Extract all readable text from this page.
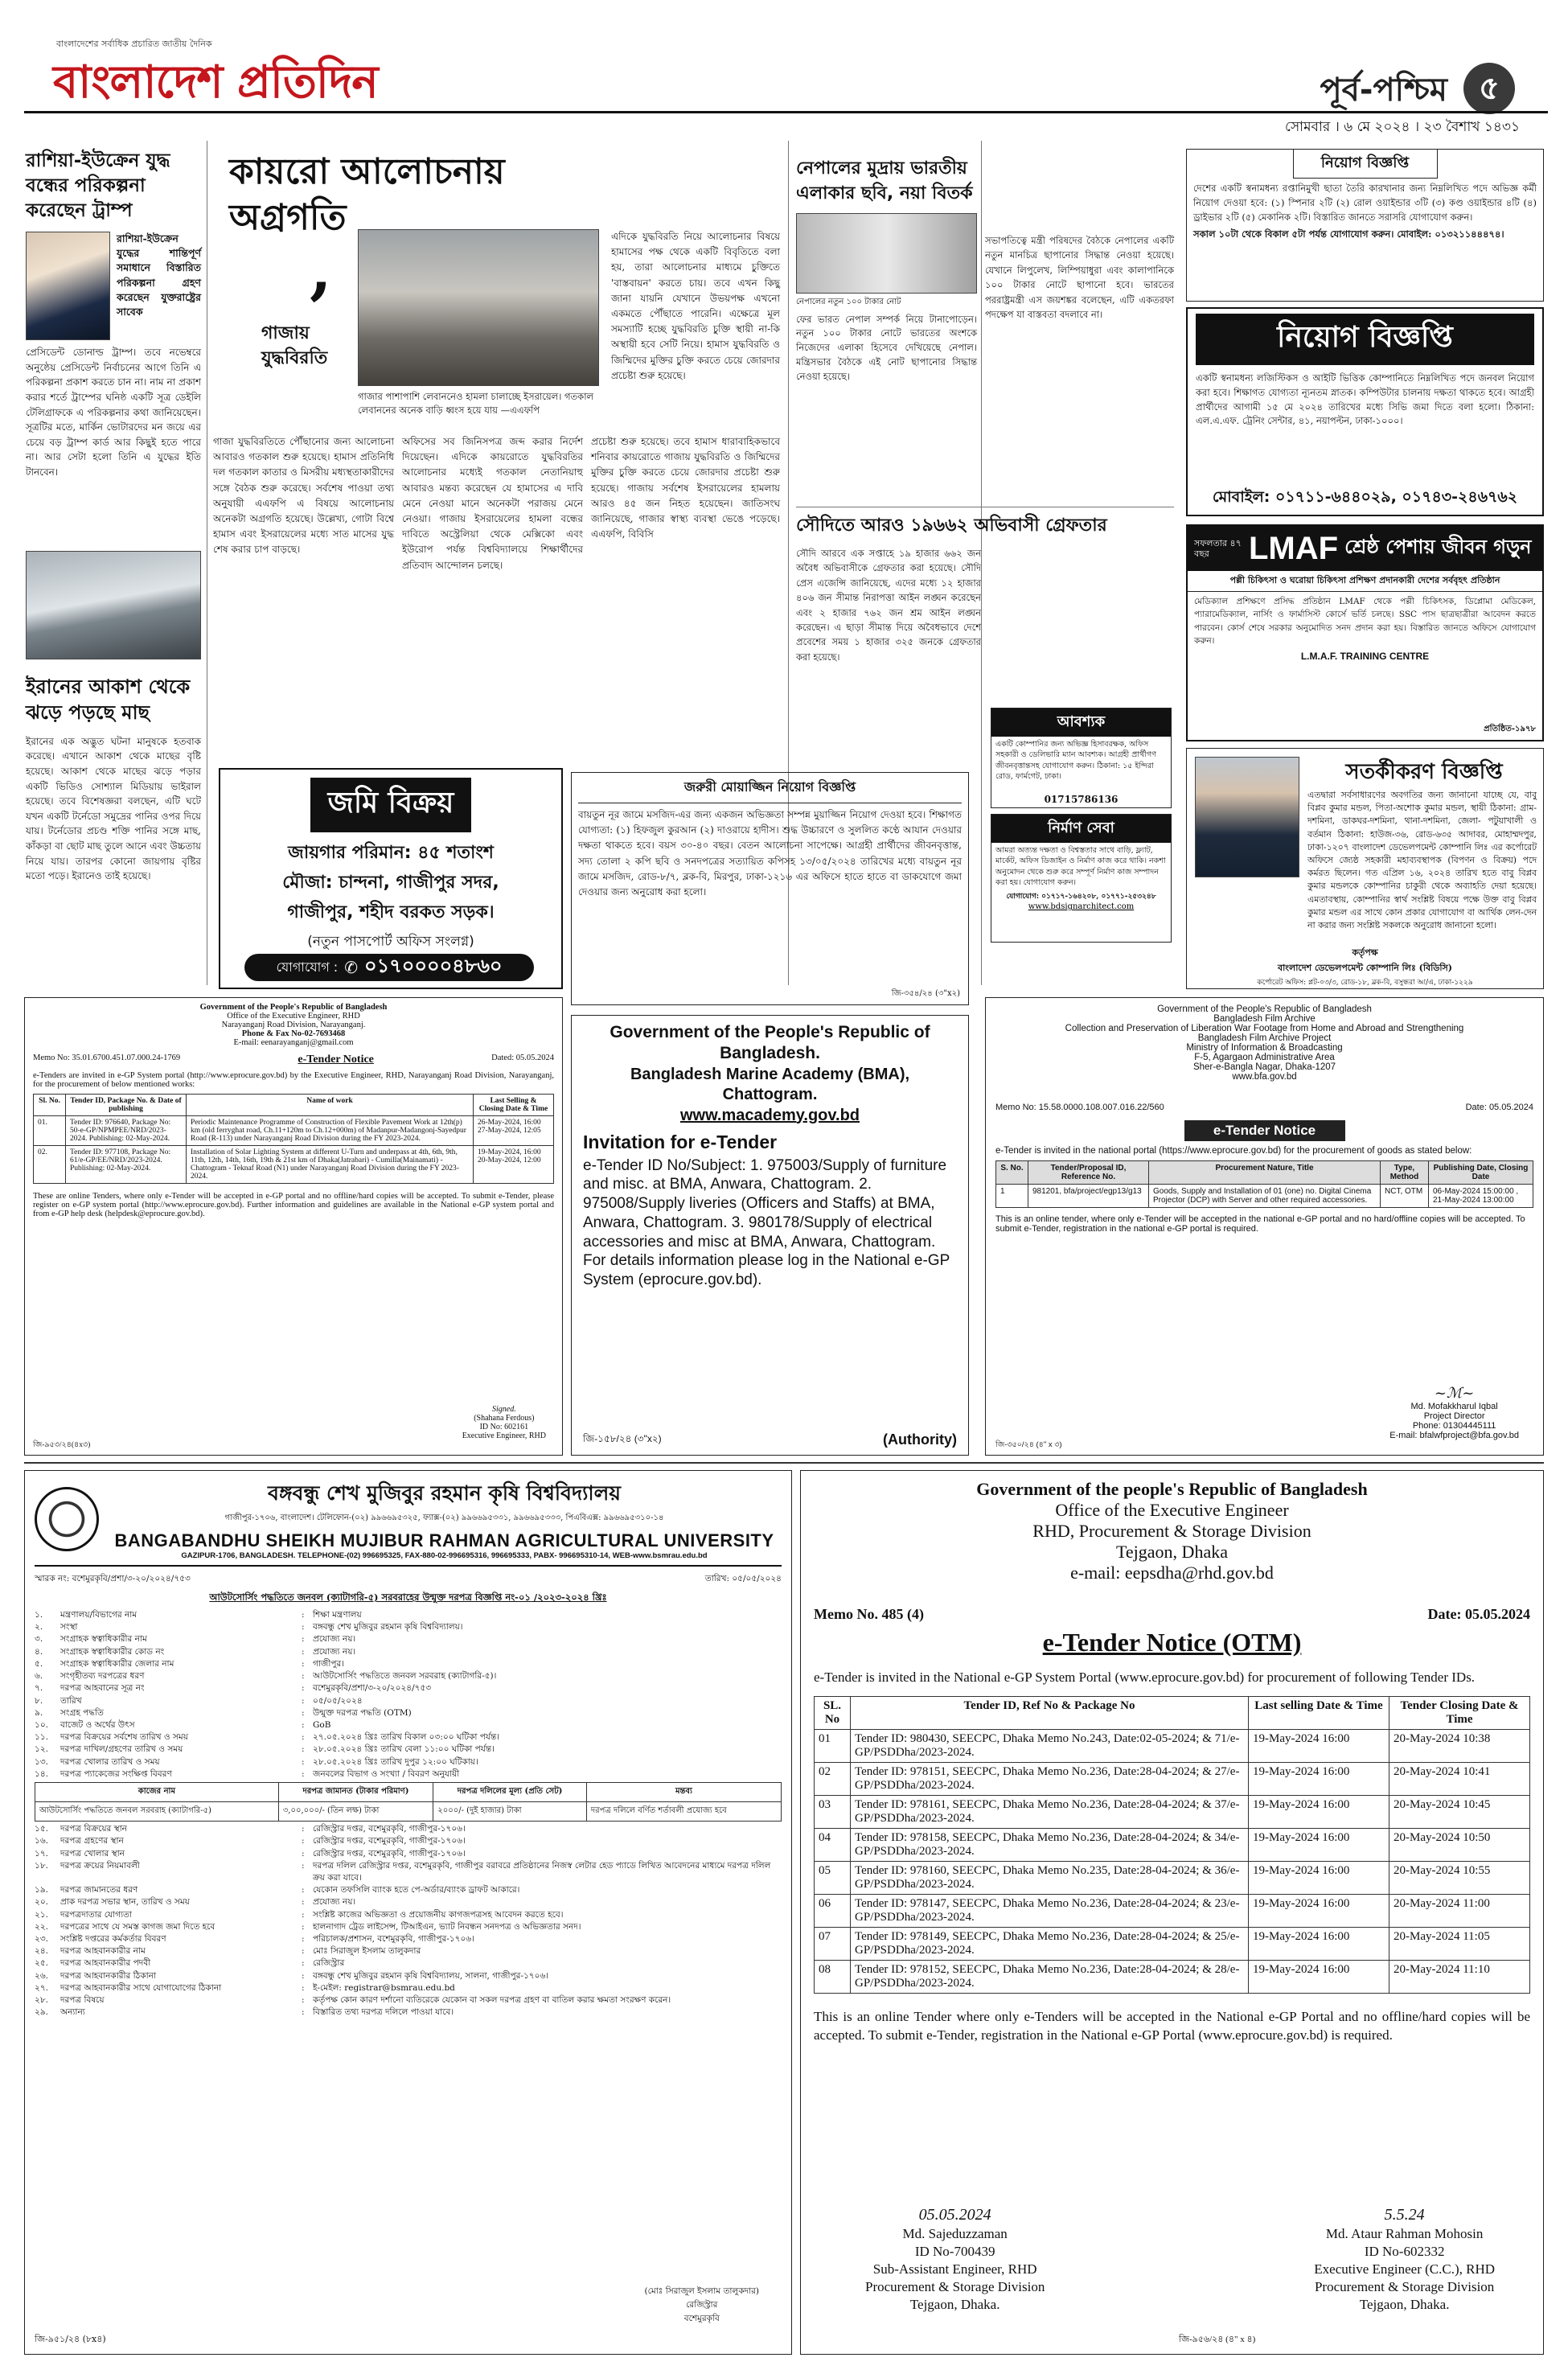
বাংলাদেশের সর্বাধিক প্রচারিত জাতীয় দৈনিক
বাংলাদেশ প্রতিদিন	পূর্ব-পশ্চিম ৫
সোমবার । ৬ মে ২০২৪ । ২৩ বৈশাখ ১৪৩১
রাশিয়া-ইউক্রেন যুদ্ধ বন্ধের পরিকল্পনা করেছেন ট্রাম্প
রাশিয়া-ইউক্রেন যুদ্ধের শান্তিপূর্ণ সমাধানে বিস্তারিত পরিকল্পনা গ্রহণ করেছেন যুক্তরাষ্ট্রের সাবেক
প্রেসিডেন্ট ডোনাল্ড ট্রাম্প। তবে নভেম্বরে অনুষ্ঠেয় প্রেসিডেন্ট নির্বাচনের আগে তিনি এ পরিকল্পনা প্রকাশ করতে চান না। নাম না প্রকাশ করার শর্তে ট্রাম্পের ঘনিষ্ঠ একটি সূত্র ডেইলি টেলিগ্রাফকে এ পরিকল্পনার কথা জানিয়েছেন। সূত্রটির মতে, মার্কিন ভোটারদের মন জয়ে এর চেয়ে বড় ট্রাম্প কার্ড আর কিছুই হতে পারে না। আর সেটা হলো তিনি এ যুদ্ধের ইতি টানবেন।
ইরানের আকাশ থেকে ঝড়ে পড়ছে মাছ
ইরানের এক অদ্ভুত ঘটনা মানুষকে হতবাক করেছে। এখানে আকাশ থেকে মাছের বৃষ্টি হয়েছে। আকাশ থেকে মাছের ঝড়ে পড়ার একটি ভিডিও সোশ্যাল মিডিয়ায় ভাইরাল হয়েছে। তবে বিশেষজ্ঞরা বলছেন, এটি ঘটে যখন একটি টর্নেডো সমুদ্রের পানির ওপর দিয়ে যায়। টর্নেডোর প্রচণ্ড শক্তি পানির সঙ্গে মাছ, কাঁকড়া বা ছোট মাছ তুলে আনে এবং উচ্চতায় নিয়ে যায়। তারপর কোনো জায়গায় বৃষ্টির মতো পড়ে। ইরানেও তাই হয়েছে।
কায়রো আলোচনায় অগ্রগতি
,
গাজায় যুদ্ধবিরতি
গাজার পাশাপাশি লেবাননেও হামলা চালাচ্ছে ইসরায়েল। গতকাল লেবাননের অনেক বাড়ি ধ্বংস হয়ে যায় —এএফপি
এদিকে যুদ্ধবিরতি নিয়ে আলোচনার বিষয়ে হামাসের পক্ষ থেকে একটি বিবৃতিতে বলা হয়, তারা আলোচনার মাধ্যমে চুক্তিতে 'বাস্তবায়ন' করতে চায়। তবে এখন কিছু জানা যায়নি যেখানে উভয়পক্ষ এখনো একমতে পৌঁছাতে পারেনি। এক্ষেত্রে মূল সমস্যাটি হচ্ছে যুদ্ধবিরতি চুক্তি স্থায়ী না-কি অস্থায়ী হবে সেটি নিয়ে। হামাস যুদ্ধবিরতি ও জিম্মিদের মুক্তির চুক্তি করতে চেয়ে জোরদার প্রচেষ্টা শুরু হয়েছে।
গাজা যুদ্ধবিরতিতে পৌঁছানোর জন্য আলোচনা আবারও গতকাল শুরু হয়েছে। হামাস প্রতিনিধি দল গতকাল কাতার ও মিসরীয় মধ্যস্থতাকারীদের সঙ্গে বৈঠক শুরু করেছে। সর্বশেষ পাওয়া তথ্য অনুযায়ী এএফপি এ বিষয়ে আলোচনায় অনেকটা অগ্রগতি হয়েছে। উল্লেখ্য, গোটা বিশ্বে হামাস এবং ইসরায়েলের মধ্যে সাত মাসের যুদ্ধ শেষ করার চাপ বাড়ছে।
অফিসের সব জিনিসপত্র জব্দ করার নির্দেশ দিয়েছেন। এদিকে কায়রোতে যুদ্ধবিরতির আলোচনার মধ্যেই গতকাল নেতানিয়াহু আবারও মন্তব্য করেছেন যে হামাসের এ দাবি মেনে নেওয়া মানে অনেকটা পরাজয় মেনে নেওয়া। গাজায় ইসরায়েলের হামলা বন্ধের দাবিতে অস্ট্রেলিয়া থেকে মেক্সিকো এবং ইউরোপ পর্যন্ত বিশ্ববিদ্যালয়ে শিক্ষার্থীদের প্রতিবাদ আন্দোলন চলছে।
প্রচেষ্টা শুরু হয়েছে। তবে হামাস ধারাবাহিকভাবে শনিবার কায়রোতে গাজায় যুদ্ধবিরতি ও জিম্মিদের মুক্তির চুক্তি করতে চেয়ে জোরদার প্রচেষ্টা শুরু হয়েছে। গাজায় সর্বশেষ ইসরায়েলের হামলায় আরও ৪৫ জন নিহত হয়েছেন। জাতিসংঘ জানিয়েছে, গাজার স্বাস্থ্য ব্যবস্থা ভেঙে পড়েছে। এএফপি, বিবিসি
জমি বিক্রয়
জায়গার পরিমান: ৪৫ শতাংশ
মৌজা: চান্দনা, গাজীপুর সদর,
গাজীপুর, শহীদ বরকত সড়ক।
(নতুন পাসপোর্ট অফিস সংলগ্ন)
যোগাযোগ : ✆ ০১৭০০০০৪৮৬০
জরুরী মোয়াজ্জিন নিয়োগ বিজ্ঞপ্তি
বায়তুন নূর জামে মসজিদ-এর জন্য একজন অভিজ্ঞতা সম্পন্ন মুয়াজ্জিন নিয়োগ দেওয়া হবে। শিক্ষাগত যোগ্যতা: (১) হিফজুল কুরআন (২) দাওরায়ে হাদীস। শুদ্ধ উচ্চারণে ও সুললিত কণ্ঠে আযান দেওয়ার দক্ষতা থাকতে হবে। বয়স ৩০-৪০ বছর। বেতন আলোচনা সাপেক্ষে। আগ্রহী প্রার্থীদের জীবনবৃত্তান্ত, সদ্য তোলা ২ কপি ছবি ও সনদপত্রের সত্যায়িত কপিসহ ১৩/০৫/২০২৪ তারিখের মধ্যে বায়তুন নূর জামে মসজিদ, রোড-৮/৭, ব্লক-বি, মিরপুর, ঢাকা-১২১৬ এর অফিসে হাতে হাতে বা ডাকযোগে জমা দেওয়ার জন্য অনুরোধ করা হলো।
জি-৩৫৪/২৪ (৩"x২)
নেপালের মুদ্রায় ভারতীয় এলাকার ছবি, নয়া বিতর্ক
নেপালের নতুন ১০০ টাকার নোট
ফের ভারত নেপাল সম্পর্ক নিয়ে টানাপোড়েন। নতুন ১০০ টাকার নোটে ভারতের অংশকে নিজেদের এলাকা হিসেবে দেখিয়েছে নেপাল। মন্ত্রিসভার বৈঠকে এই নোট ছাপানোর সিদ্ধান্ত নেওয়া হয়েছে।
সৌদিতে আরও ১৯৬৬২ অভিবাসী গ্রেফতার
সৌদি আরবে এক সপ্তাহে ১৯ হাজার ৬৬২ জন অবৈধ অভিবাসীকে গ্রেফতার করা হয়েছে। সৌদি প্রেস এজেন্সি জানিয়েছে, এদের মধ্যে ১২ হাজার ৪০৬ জন সীমান্ত নিরাপত্তা আইন লঙ্ঘন করেছেন এবং ২ হাজার ৭৬২ জন শ্রম আইন লঙ্ঘন করেছেন। এ ছাড়া সীমান্ত দিয়ে অবৈধভাবে দেশে প্রবেশের সময় ১ হাজার ৩২৫ জনকে গ্রেফতার করা হয়েছে।
সভাপতিত্বে মন্ত্রী পরিষদের বৈঠকে নেপালের একটি নতুন মানচিত্র ছাপানোর সিদ্ধান্ত নেওয়া হয়েছে। যেখানে লিপুলেখ, লিম্পিয়াধুরা এবং কালাপানিকে ১০০ টাকার নোটে ছাপানো হবে। ভারতের পররাষ্ট্রমন্ত্রী এস জয়শঙ্কর বলেছেন, এটি একতরফা পদক্ষেপ যা বাস্তবতা বদলাবে না।
আবশ্যক
একটি কোম্পানির জন্য অভিজ্ঞ হিসাবরক্ষক, অফিস সহকারী ও ডেলিভারি ম্যান আবশ্যক। আগ্রহী প্রার্থীগণ জীবনবৃত্তান্তসহ যোগাযোগ করুন। ঠিকানা: ১৫ ইন্দিরা রোড, ফার্মগেট, ঢাকা।
01715786136
নির্মাণ সেবা
আমরা অত্যন্ত দক্ষতা ও বিশ্বস্ততার সাথে বাড়ি, ফ্ল্যাট, মার্কেট, অফিস ডিজাইন ও নির্মাণ কাজ করে থাকি। নকশা অনুমোদন থেকে শুরু করে সম্পূর্ণ নির্মাণ কাজ সম্পাদন করা হয়। যোগাযোগ করুন।
যোগাযোগ: ০১৭১৭-১৬৪২০৮, ০১৭৭১-২৫৩২৪৮
www.bdsignarchitect.com
নিয়োগ বিজ্ঞপ্তি
দেশের একটি স্বনামধন্য রপ্তানিমুখী ছাতা তৈরি কারখানার জন্য নিম্নলিখিত পদে অভিজ্ঞ কর্মী নিয়োগ দেওয়া হবে: (১) স্পিনার ২টি (২) রোল ওয়াইন্ডার ৩টি (৩) কণ্ড ওয়াইন্ডার ৪টি (৪) ড্রাইভার ২টি (৫) মেকানিক ২টি। বিস্তারিত জানতে সরাসরি যোগাযোগ করুন।
সকাল ১০টা থেকে বিকাল ৫টা পর্যন্ত যোগাযোগ করুন। মোবাইল: ০১৩২১১৪৪৪৭৪।
নিয়োগ বিজ্ঞপ্তি
একটি স্বনামধন্য লজিস্টিকস ও আইটি ভিত্তিক কোম্পানিতে নিম্নলিখিত পদে জনবল নিয়োগ করা হবে। শিক্ষাগত যোগ্যতা ন্যূনতম স্নাতক। কম্পিউটার চালনায় দক্ষতা থাকতে হবে। আগ্রহী প্রার্থীদের আগামী ১৫ মে ২০২৪ তারিখের মধ্যে সিভি জমা দিতে বলা হলো। ঠিকানা: এল.এ.এফ. ট্রেনিং সেন্টার, ৪১, নয়াপল্টন, ঢাকা-১০০০।
মোবাইল: ০১৭১১-৬৪৪০২৯, ০১৭৪৩-২৪৬৭৬২
সফলতার ৪৭ বছর	LMAF শ্রেষ্ঠ পেশায় জীবন গড়ুন
পল্লী চিকিৎসা ও ঘরোয়া চিকিৎসা প্রশিক্ষণ প্রদানকারী দেশের সর্ববৃহৎ প্রতিষ্ঠান
মেডিক্যাল প্রশিক্ষণে প্রসিদ্ধ প্রতিষ্ঠান LMAF থেকে পল্লী চিকিৎসক, ডিপ্লোমা মেডিকেল, প্যারামেডিক্যাল, নার্সিং ও ফার্মাসিস্ট কোর্সে ভর্তি চলছে। SSC পাস ছাত্রছাত্রীরা আবেদন করতে পারবেন। কোর্স শেষে সরকার অনুমোদিত সনদ প্রদান করা হয়। বিস্তারিত জানতে অফিসে যোগাযোগ করুন।
L.M.A.F. TRAINING CENTRE
প্রতিষ্ঠিত-১৯৭৮
সতর্কীকরণ বিজ্ঞপ্তি
এতদ্বারা সর্বসাধারণের অবগতির জন্য জানানো যাচ্ছে যে, বাবু বিপ্লব কুমার মন্ডল, পিতা-অশোক কুমার মন্ডল, স্থায়ী ঠিকানা: গ্রাম-দশমিনা, ডাকঘর-দশমিনা, থানা-দশমিনা, জেলা- পটুয়াখালী ও বর্তমান ঠিকানা: হাউজ-৩৬, রোড-৬৩৫ আদাবর, মোহাম্মদপুর, ঢাকা-১২০৭ বাংলাদেশ ডেভেলপমেন্ট কোম্পানি লিঃ এর কর্পোরেট অফিসে জ্যেষ্ঠ সহকারী মহাব্যবস্থাপক (বিপণন ও বিক্রয়) পদে কর্মরত ছিলেন। গত এপ্রিল ১৬, ২০২৪ তারিখ হতে বাবু বিপ্লব কুমার মন্ডলকে কোম্পানির চাকুরী থেকে অব্যাহতি দেয়া হয়েছে। এমতাবস্থায়, কোম্পানির স্বার্থ সংশ্লিষ্ট বিষয়ে পক্ষে উক্ত বাবু বিপ্লব কুমার মন্ডল এর সাথে কোন প্রকার যোগাযোগ বা আর্থিক লেন-দেন না করার জন্য সংশ্লিষ্ট সকলকে অনুরোধ জানানো হলো।
কর্তৃপক্ষ
বাংলাদেশ ডেভেলপমেন্ট কোম্পানি লিঃ (বিডিসি)
কর্পোরেট অফিস: প্লট-০৩/৩, রোড-১৮, ব্লক-বি, বসুন্ধরা আ/এ, ঢাকা-১২২৯
Government of the People's Republic of Bangladesh
Office of the Executive Engineer, RHD
Narayanganj Road Division, Narayanganj.
Phone & Fax No-02-7693468
E-mail: eenarayanganj@gmail.com
Memo No: 35.01.6700.451.07.000.24-1769	e-Tender Notice	Dated: 05.05.2024
e-Tenders are invited in e-GP System portal (http://www.eprocure.gov.bd) by the Executive Engineer, RHD, Narayanganj Road Division, Narayanganj, for the procurement of below mentioned works:
Sl. No.	Tender ID, Package No. & Date of publishing	Name of work	Last Selling & Closing Date & Time
01.	Tender ID: 976640, Package No: 50-e-GP/NPMPEE/NRD/2023-2024. Publishing: 02-May-2024.	Periodic Maintenance Programme of Construction of Flexible Pavement Work at 12th(p) km (old ferryghat road, Ch.11+120m to Ch.12+000m) of Madanpur-Madangonj-Sayedpur Road (R-113) under Narayanganj Road Division during the FY 2023-2024.	26-May-2024, 16:00 27-May-2024, 12:05
02.	Tender ID: 977108, Package No: 61/e-GP/EE/NRD/2023-2024. Publishing: 02-May-2024.	Installation of Solar Lighting System at different U-Turn and underpass at 4th, 6th, 9th, 11th, 12th, 14th, 16th, 19th & 21st km of Dhaka(Jatrabari) - Cumilla(Mainamati) - Chattogram - Teknaf Road (N1) under Narayanganj Road Division during the FY 2023-2024.	19-May-2024, 16:00 20-May-2024, 12:00
These are online Tenders, where only e-Tender will be accepted in e-GP portal and no offline/hard copies will be accepted. To submit e-Tender, please register on e-GP system portal (http://www.eprocure.gov.bd). Further information and guidelines are available in the National e-GP system portal and from e-GP help desk (helpdesk@eprocure.gov.bd).
Signed.
(Shahana Ferdous)
ID No: 602161
Executive Engineer, RHD
জি-৯৫৩/২৪(৪x৩)
Government of the People's Republic of Bangladesh.
Bangladesh Marine Academy (BMA), Chattogram.
www.macademy.gov.bd
Invitation for e-Tender
e-Tender ID No/Subject: 1. 975003/Supply of furniture and misc. at BMA, Anwara, Chattogram. 2. 975008/Supply liveries (Officers and Staffs) at BMA, Anwara, Chattogram. 3. 980178/Supply of electrical accessories and misc at BMA, Anwara, Chattogram. For details information please log in the National e-GP System (eprocure.gov.bd).
জি-১৫৮/২৪ (৩"x২)	(Authority)
Government of the People's Republic of Bangladesh
Bangladesh Film Archive
Collection and Preservation of Liberation War Footage from Home and Abroad and Strengthening Bangladesh Film Archive Project
Ministry of Information & Broadcasting
F-5, Agargaon Administrative Area
Sher-e-Bangla Nagar, Dhaka-1207
www.bfa.gov.bd
Memo No: 15.58.0000.108.007.016.22/560	Date: 05.05.2024
e-Tender Notice
e-Tender is invited in the national portal (https://www.eprocure.gov.bd) for the procurement of goods as stated below:
S. No.	Tender/Proposal ID, Reference No.	Procurement Nature, Title	Type, Method	Publishing Date, Closing Date
1	981201, bfa/project/egp13/g13	Goods, Supply and Installation of 01 (one) no. Digital Cinema Projector (DCP) with Server and other required accessories.	NCT, OTM	06-May-2024 15:00:00 , 21-May-2024 13:00:00
This is an online tender, where only e-Tender will be accepted in the national e-GP portal and no hard/offline copies will be accepted. To submit e-Tender, registration in the national e-GP portal is required.
~ℳ~
Md. Mofakkharul Iqbal
Project Director
Phone: 01304445111
E-mail: bfalwfproject@bfa.gov.bd
জি-৩৫০/২৪ (৪" x ৩)
বঙ্গবন্ধু শেখ মুজিবুর রহমান কৃষি বিশ্ববিদ্যালয়
গাজীপুর-১৭০৬, বাংলাদেশ। টেলিফোন-(০২) ৯৯৬৬৯৫৩২৫, ফ্যাক্স-(০২) ৯৯৬৬৯৫৩৩১, ৯৯৬৬৯৫৩৩৩, পিএবিএক্স: ৯৯৬৬৯৫৩১০-১৪
BANGABANDHU SHEIKH MUJIBUR RAHMAN AGRICULTURAL UNIVERSITY
GAZIPUR-1706, BANGLADESH. TELEPHONE-(02) 996695325, FAX-880-02-996695316, 996695333, PABX- 996695310-14, WEB-www.bsmrau.edu.bd
স্মারক নং: বশেমুরকৃবি/প্রশা/৩-২০/২০২৪/৭৫৩	তারিখ: ০৫/০৫/২০২৪
আউটসোর্সিং পদ্ধতিতে জনবল (ক্যাটাগরি-৫) সরবরাহের উন্মুক্ত দরপত্র বিজ্ঞপ্তি নং-০১ /২০২৩-২০২৪ খ্রিঃ
১.	মন্ত্রণালয়/বিভাগের নাম	: শিক্ষা মন্ত্রণালয়
২.	সংস্থা	: বঙ্গবন্ধু শেখ মুজিবুর রহমান কৃষি বিশ্ববিদ্যালয়।
৩.	সংগ্রাহক স্বত্বাধিকারীর নাম	: প্রযোজ্য নয়।
৪.	সংগ্রাহক স্বত্বাধিকারীর কোড নং	: প্রযোজ্য নয়।
৫.	সংগ্রাহক স্বত্বাধিকারীর জেলার নাম	: গাজীপুর।
৬.	সংগৃহীতব্য দরপত্রের ধরণ	: আউটসোর্সিং পদ্ধতিতে জনবল সরবরাহ (ক্যাটাগরি-৫)।
৭.	দরপত্র আহবানের সূত্র নং	: বশেমুরকৃবি/প্রশা/৩-২০/২০২৪/৭৫৩
৮.	তারিখ	: ০৫/০৫/২০২৪
৯.	সংগ্রহ পদ্ধতি	: উন্মুক্ত দরপত্র পদ্ধতি (OTM)
১০.	বাজেট ও অর্থের উৎস	: GoB
১১.	দরপত্র বিক্রয়ের সর্বশেষ তারিখ ও সময়	: ২৭.০৫.২০২৪ খ্রিঃ তারিখ বিকাল ০৩:০০ ঘটিকা পর্যন্ত।
১২.	দরপত্র দাখিল/গ্রহণের তারিখ ও সময়	: ২৮.০৫.২০২৪ খ্রিঃ তারিখ বেলা ১১:০০ ঘটিকা পর্যন্ত।
১৩.	দরপত্র খোলার তারিখ ও সময়	: ২৮.০৫.২০২৪ খ্রিঃ তারিখ দুপুর ১২:০০ ঘটিকায়।
১৪.	দরপত্র প্যাকেজের সংক্ষিপ্ত বিবরণ	: জনবলের বিভাগ ও সংখ্যা / বিবরণ অনুযায়ী
কাজের নাম	দরপত্র জামানত (টাকার পরিমাণ)	দরপত্র দলিলের মূল্য (প্রতি সেট)	মন্তব্য
আউটসোর্সিং পদ্ধতিতে জনবল সরবরাহ (ক্যাটাগরি-৫)	৩,০০,০০০/- (তিন লক্ষ) টাকা	২০০০/- (দুই হাজার) টাকা	দরপত্র দলিলে বর্ণিত শর্তাবলী প্রযোজ্য হবে
১৫.	দরপত্র বিক্রয়ের স্থান	: রেজিস্ট্রার দপ্তর, বশেমুরকৃবি, গাজীপুর-১৭০৬।
১৬.	দরপত্র গ্রহণের স্থান	: রেজিস্ট্রার দপ্তর, বশেমুরকৃবি, গাজীপুর-১৭০৬।
১৭.	দরপত্র খোলার স্থান	: রেজিস্ট্রার দপ্তর, বশেমুরকৃবি, গাজীপুর-১৭০৬।
১৮.	দরপত্র ক্রয়ের নিয়মাবলী	: দরপত্র দলিল রেজিস্ট্রার দপ্তর, বশেমুরকৃবি, গাজীপুর বরাবরে প্রতিষ্ঠানের নিজস্ব লেটার হেড প্যাডে লিখিত আবেদনের মাধ্যমে দরপত্র দলিল ক্রয় করা যাবে।
১৯.	দরপত্র জামানতের ধরণ	: যেকোন তফসিলি ব্যাংক হতে পে-অর্ডার/ব্যাংক ড্রাফট আকারে।
২০.	প্রাক দরপত্র সভার স্থান, তারিখ ও সময়	: প্রযোজ্য নয়।
২১.	দরপত্রদাতার যোগ্যতা	: সংশ্লিষ্ট কাজের অভিজ্ঞতা ও প্রয়োজনীয় কাগজপত্রসহ আবেদন করতে হবে।
২২.	দরপত্রের সাথে যে সমস্ত কাগজ জমা দিতে হবে	: হালনাগাদ ট্রেড লাইসেন্স, টিআইএন, ভ্যাট নিবন্ধন সনদপত্র ও অভিজ্ঞতার সনদ।
২৩.	সংশ্লিষ্ট দপ্তরের কর্মকর্তার বিবরণ	: পরিচালক/প্রশাসন, বশেমুরকৃবি, গাজীপুর-১৭০৬।
২৪.	দরপত্র আহবানকারীর নাম	: মোঃ সিরাজুল ইসলাম তালুকদার
২৫.	দরপত্র আহবানকারীর পদবী	: রেজিস্ট্রার
২৬.	দরপত্র আহবানকারীর ঠিকানা	: বঙ্গবন্ধু শেখ মুজিবুর রহমান কৃষি বিশ্ববিদ্যালয়, সালনা, গাজীপুর-১৭০৬।
২৭.	দরপত্র আহবানকারীর সাথে যোগাযোগের ঠিকানা	: ই-মেইল: registrar@bsmrau.edu.bd
২৮.	দরপত্র বিষয়ে	: কর্তৃপক্ষ কোন কারণ দর্শানো ব্যতিরেকে যেকোন বা সকল দরপত্র গ্রহণ বা বাতিল করার ক্ষমতা সংরক্ষণ করেন।
২৯.	অন্যান্য	: বিস্তারিত তথ্য দরপত্র দলিলে পাওয়া যাবে।
(মোঃ সিরাজুল ইসলাম তালুকদার)
রেজিস্ট্রার
বশেমুরকৃবি
জি-৯৫১/২৪ (৮x৪)
Government of the people's Republic of Bangladesh
Office of the Executive Engineer
RHD, Procurement & Storage Division
Tejgaon, Dhaka
e-mail: eepsdha@rhd.gov.bd
Memo No. 485 (4)	Date: 05.05.2024
e-Tender Notice (OTM)
e-Tender is invited in the National e-GP System Portal (www.eprocure.gov.bd) for procurement of following Tender IDs.
SL. No	Tender ID, Ref No & Package No	Last selling Date & Time	Tender Closing Date & Time
01	Tender ID: 980430, SEECPC, Dhaka Memo No.243, Date:02-05-2024; & 71/e-GP/PSDDha/2023-2024.	19-May-2024 16:00	20-May-2024 10:38
02	Tender ID: 978151, SEECPC, Dhaka Memo No.236, Date:28-04-2024; & 27/e-GP/PSDDha/2023-2024.	19-May-2024 16:00	20-May-2024 10:41
03	Tender ID: 978161, SEECPC, Dhaka Memo No.236, Date:28-04-2024; & 37/e-GP/PSDDha/2023-2024.	19-May-2024 16:00	20-May-2024 10:45
04	Tender ID: 978158, SEECPC, Dhaka Memo No.236, Date:28-04-2024; & 34/e-GP/PSDDha/2023-2024.	19-May-2024 16:00	20-May-2024 10:50
05	Tender ID: 978160, SEECPC, Dhaka Memo No.235, Date:28-04-2024; & 36/e-GP/PSDDha/2023-2024.	19-May-2024 16:00	20-May-2024 10:55
06	Tender ID: 978147, SEECPC, Dhaka Memo No.236, Date:28-04-2024; & 23/e-GP/PSDDha/2023-2024.	19-May-2024 16:00	20-May-2024 11:00
07	Tender ID: 978149, SEECPC, Dhaka Memo No.236, Date:28-04-2024; & 25/e-GP/PSDDha/2023-2024.	19-May-2024 16:00	20-May-2024 11:05
08	Tender ID: 978152, SEECPC, Dhaka Memo No.236, Date:28-04-2024; & 28/e-GP/PSDDha/2023-2024.	19-May-2024 16:00	20-May-2024 11:10
This is an online Tender where only e-Tenders will be accepted in the National e-GP Portal and no offline/hard copies will be accepted. To submit e-Tender, registration in the National e-GP Portal (www.eprocure.gov.bd) is required.
05.05.2024
Md. Sajeduzzaman
ID No-700439
Sub-Assistant Engineer, RHD
Procurement & Storage Division
Tejgaon, Dhaka.
5.5.24
Md. Ataur Rahman Mohosin
ID No-602332
Executive Engineer (C.C.), RHD
Procurement & Storage Division
Tejgaon, Dhaka.
জি-৯৫৬/২৪ (৪" x ৪)
